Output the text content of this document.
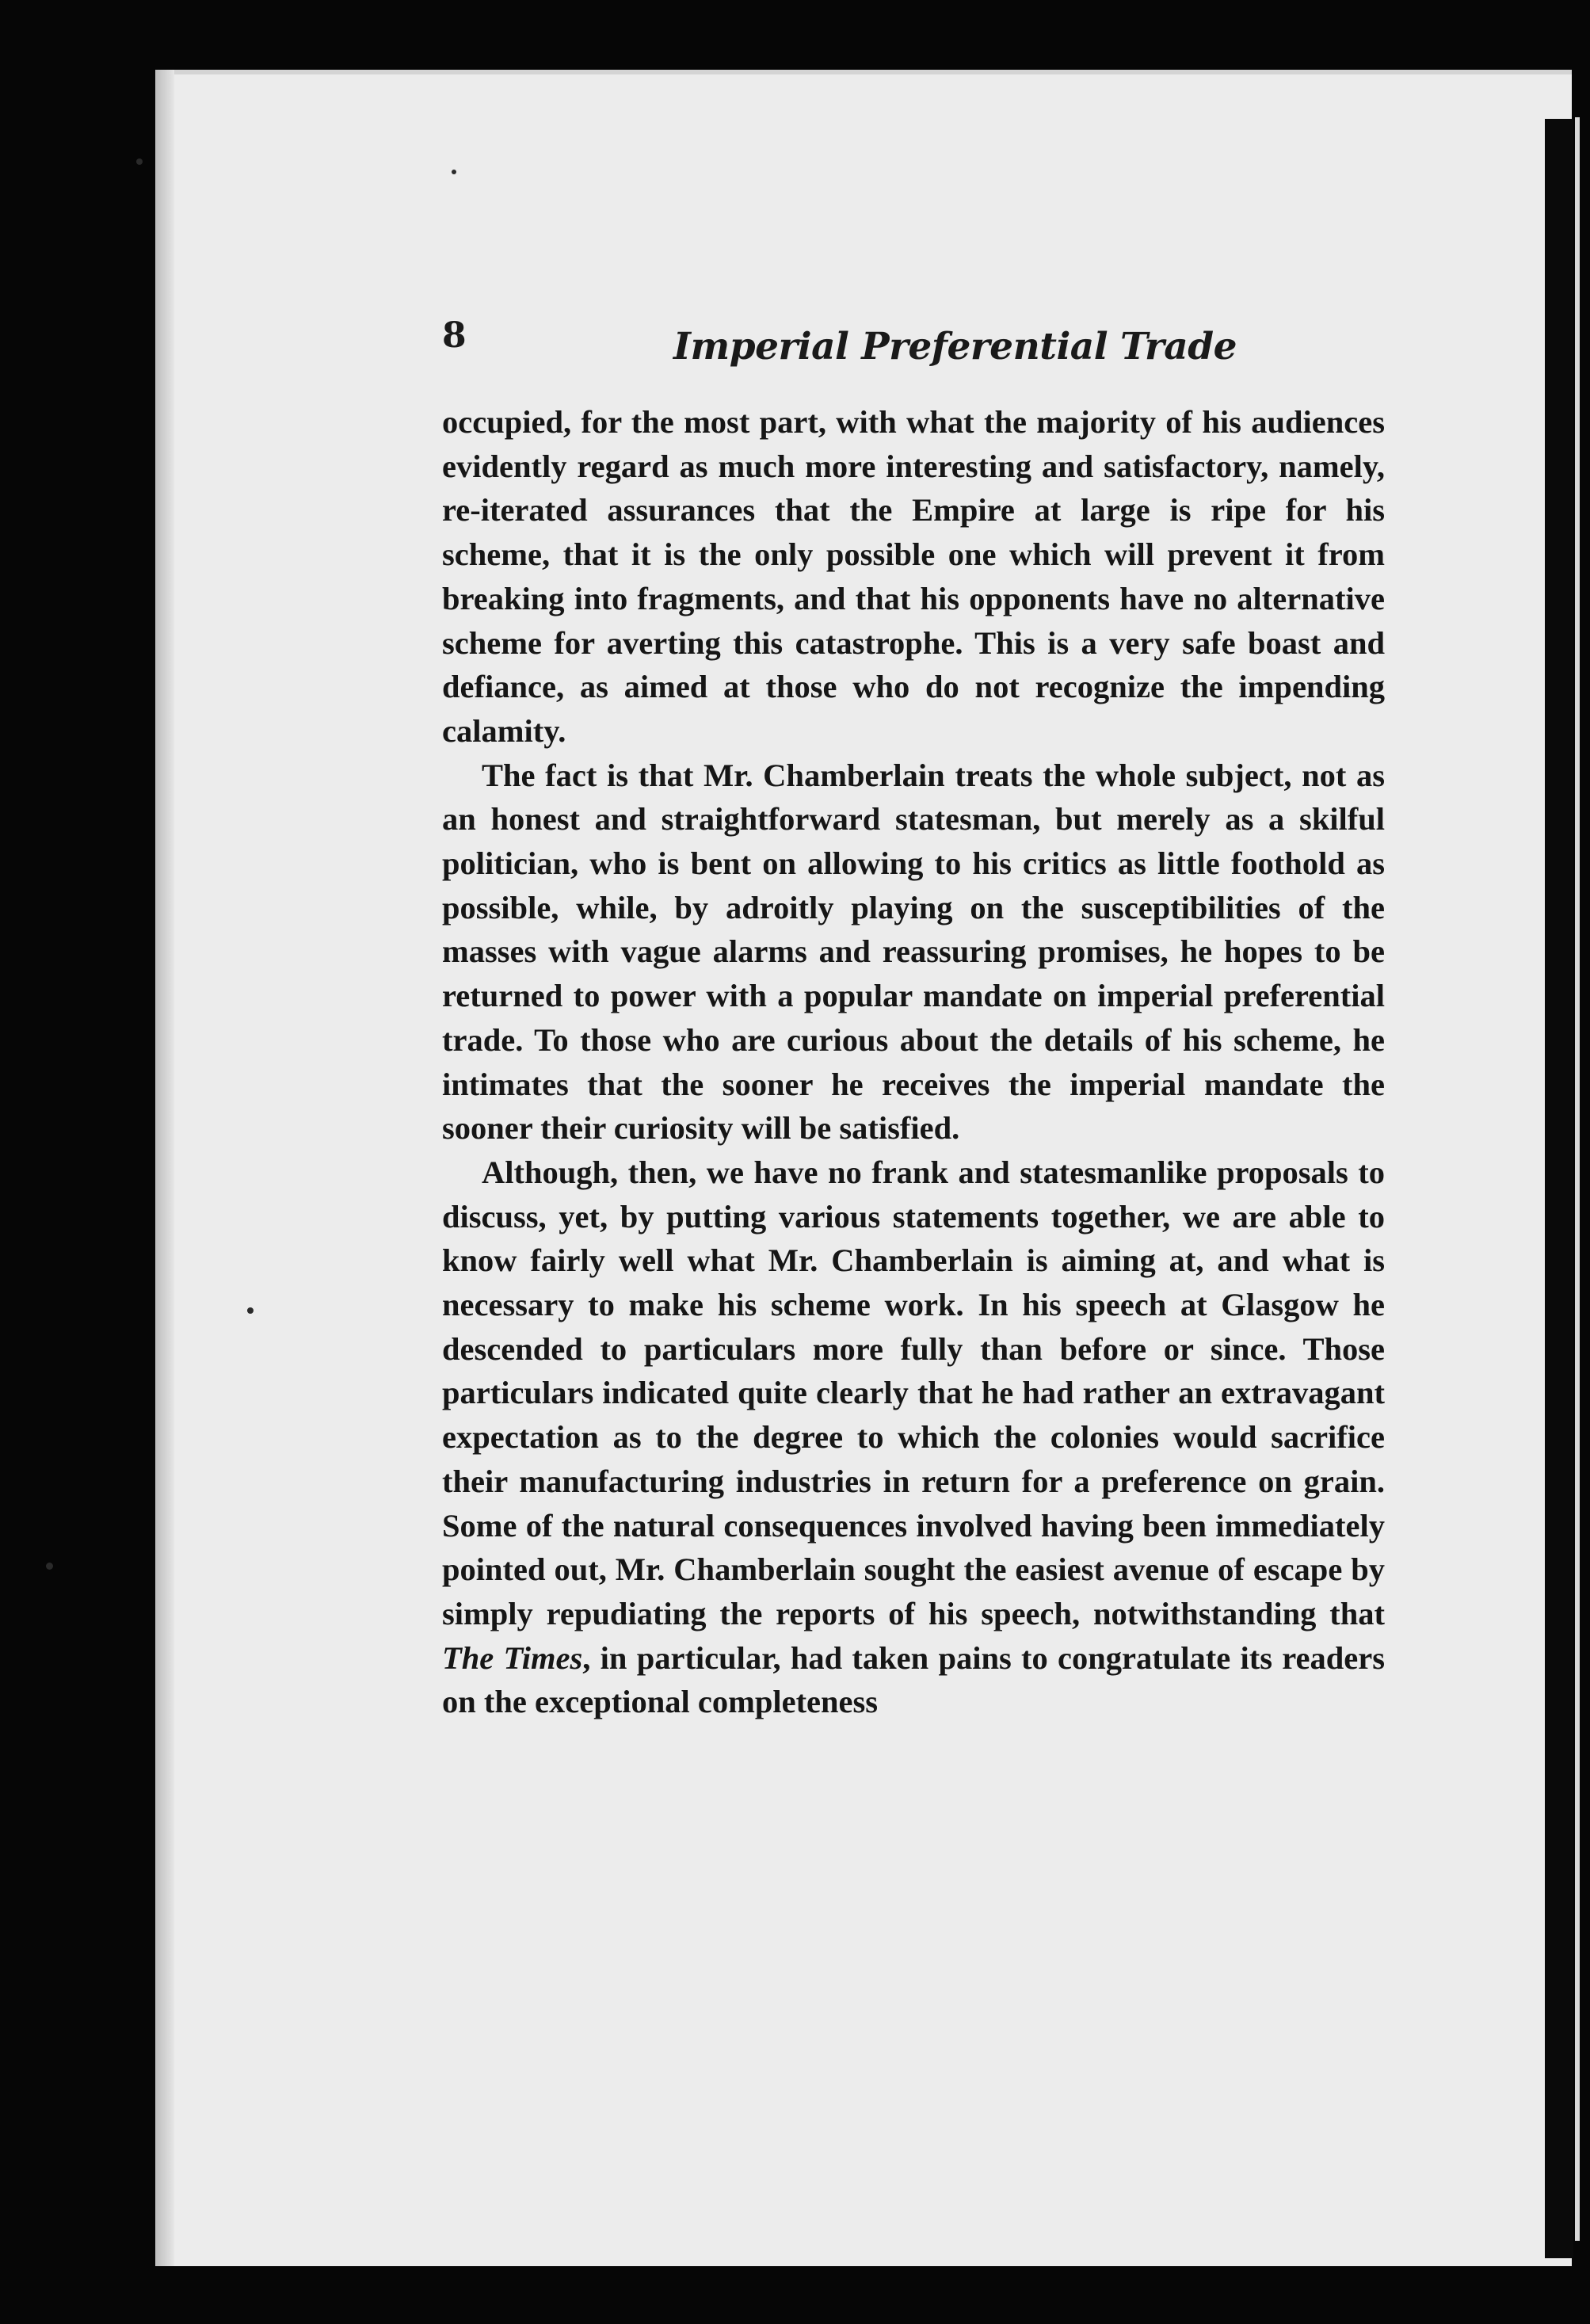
8	Imperial Preferential Trade

occupied, for the most part, with what the majority of his audiences evidently regard as much more interesting and satisfactory, namely, re-iterated assurances that the Empire at large is ripe for his scheme, that it is the only possible one which will prevent it from breaking into fragments, and that his opponents have no alternative scheme for averting this catastrophe. This is a very safe boast and defiance, as aimed at those who do not recognize the impending calamity.

The fact is that Mr. Chamberlain treats the whole subject, not as an honest and straightforward statesman, but merely as a skilful politician, who is bent on allowing to his critics as little foothold as possible, while, by adroitly playing on the susceptibilities of the masses with vague alarms and reassuring promises, he hopes to be returned to power with a popular mandate on imperial preferential trade. To those who are curious about the details of his scheme, he intimates that the sooner he receives the imperial mandate the sooner their curiosity will be satisfied.

Although, then, we have no frank and statesmanlike proposals to discuss, yet, by putting various statements together, we are able to know fairly well what Mr. Chamberlain is aiming at, and what is necessary to make his scheme work. In his speech at Glasgow he descended to particulars more fully than before or since. Those particulars indicated quite clearly that he had rather an extravagant expectation as to the degree to which the colonies would sacrifice their manufacturing industries in return for a preference on grain. Some of the natural consequences involved having been immediately pointed out, Mr. Chamberlain sought the easiest avenue of escape by simply repudiating the reports of his speech, notwithstanding that The Times, in particular, had taken pains to congratulate its readers on the exceptional completeness
